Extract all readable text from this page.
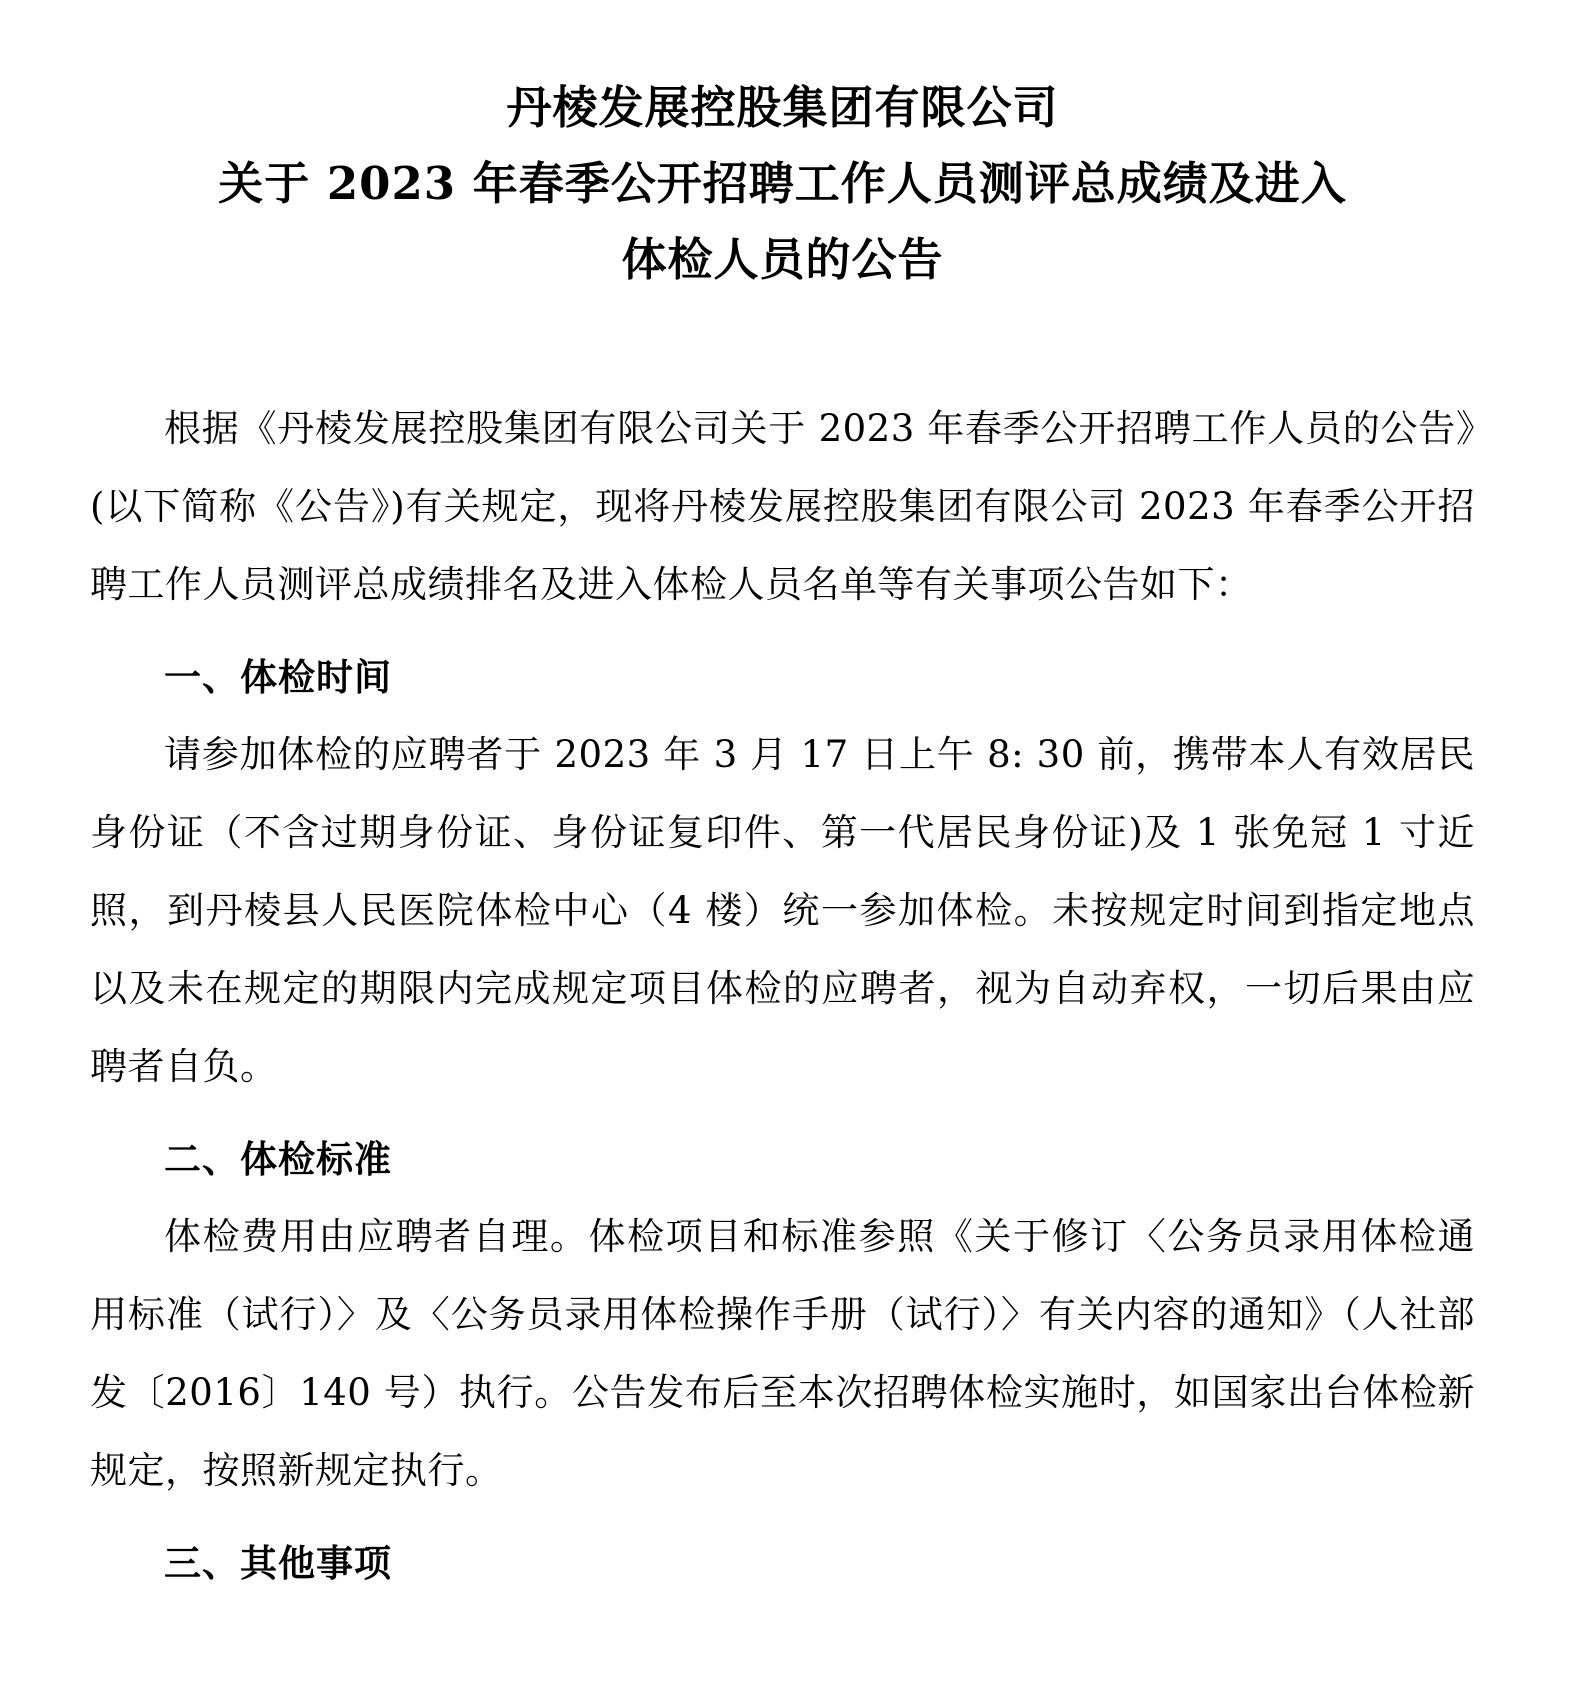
丹棱发展控股集团有限公司
关于 2023 年春季公开招聘工作人员测评总成绩及进入
体检人员的公告

根据《丹棱发展控股集团有限公司关于 2023 年春季公开招聘工作人员的公告》(以下简称《公告》)有关规定，现将丹棱发展控股集团有限公司 2023 年春季公开招聘工作人员测评总成绩排名及进入体检人员名单等有关事项公告如下：

一、体检时间

请参加体检的应聘者于 2023 年 3 月 17 日上午 8: 30 前，携带本人有效居民身份证（不含过期身份证、身份证复印件、第一代居民身份证)及 1 张免冠 1 寸近照，到丹棱县人民医院体检中心（4 楼）统一参加体检。未按规定时间到指定地点以及未在规定的期限内完成规定项目体检的应聘者，视为自动弃权，一切后果由应聘者自负。

二、体检标准

体检费用由应聘者自理。体检项目和标准参照《关于修订〈公务员录用体检通用标准（试行）〉及〈公务员录用体检操作手册（试行）〉有关内容的通知》（人社部发〔2016〕140 号）执行。公告发布后至本次招聘体检实施时，如国家出台体检新规定，按照新规定执行。

三、其他事项
